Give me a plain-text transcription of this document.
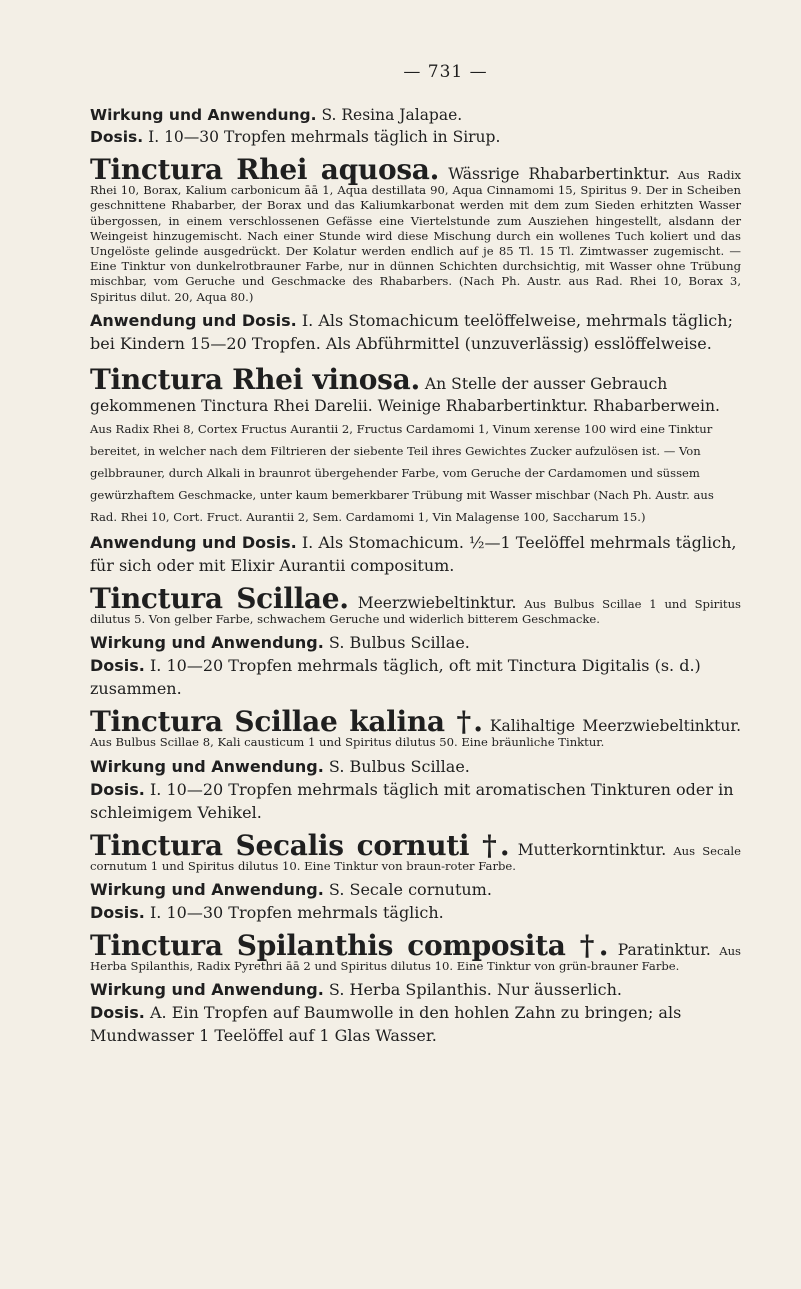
— 731 —
Wirkung und Anwendung. S. Resina Jalapae.
Dosis. I. 10—30 Tropfen mehrmals täglich in Sirup.
Tinctura Rhei aquosa. Wässrige Rhabarbertinktur. Aus Radix Rhei 10, Borax, Kalium carbonicum āā 1, Aqua destillata 90, Aqua Cinnamomi 15, Spiritus 9. Der in Scheiben geschnittene Rhabarber, der Borax und das Kaliumkarbonat werden mit dem zum Sieden erhitzten Wasser übergossen, in einem verschlossenen Gefässe eine Viertelstunde zum Ausziehen hingestellt, alsdann der Weingeist hinzugemischt. Nach einer Stunde wird diese Mischung durch ein wollenes Tuch koliert und das Ungelöste gelinde ausgedrückt. Der Kolatur werden endlich auf je 85 Tl. 15 Tl. Zimtwasser zugemischt. — Eine Tinktur von dunkelrotbrauner Farbe, nur in dünnen Schichten durchsichtig, mit Wasser ohne Trübung mischbar, vom Geruche und Geschmacke des Rhabarbers. (Nach Ph. Austr. aus Rad. Rhei 10, Borax 3, Spiritus dilut. 20, Aqua 80.)
Anwendung und Dosis. I. Als Stomachicum teelöffelweise, mehrmals täglich; bei Kindern 15—20 Tropfen. Als Abführmittel (unzuverlässig) esslöffelweise.
Tinctura Rhei vinosa. An Stelle der ausser Gebrauch gekommenen Tinctura Rhei Darelii. Weinige Rhabarbertinktur. Rhabarberwein. Aus Radix Rhei 8, Cortex Fructus Aurantii 2, Fructus Cardamomi 1, Vinum xerense 100 wird eine Tinktur bereitet, in welcher nach dem Filtrieren der siebente Teil ihres Gewichtes Zucker aufzulösen ist. — Von gelbbrauner, durch Alkali in braunrot übergehender Farbe, vom Geruche der Cardamomen und süssem gewürzhaftem Geschmacke, unter kaum bemerkbarer Trübung mit Wasser mischbar (Nach Ph. Austr. aus Rad. Rhei 10, Cort. Fruct. Aurantii 2, Sem. Cardamomi 1, Vin Malagense 100, Saccharum 15.)
Anwendung und Dosis. I. Als Stomachicum. ½—1 Teelöffel mehrmals täglich, für sich oder mit Elixir Aurantii compositum.
Tinctura Scillae. Meerzwiebeltinktur. Aus Bulbus Scillae 1 und Spiritus dilutus 5. Von gelber Farbe, schwachem Geruche und widerlich bitterem Geschmacke.
Wirkung und Anwendung. S. Bulbus Scillae.
Dosis. I. 10—20 Tropfen mehrmals täglich, oft mit Tinctura Digitalis (s. d.) zusammen.
Tinctura Scillae kalina †. Kalihaltige Meerzwiebeltinktur. Aus Bulbus Scillae 8, Kali causticum 1 und Spiritus dilutus 50. Eine bräunliche Tinktur.
Wirkung und Anwendung. S. Bulbus Scillae.
Dosis. I. 10—20 Tropfen mehrmals täglich mit aromatischen Tinkturen oder in schleimigem Vehikel.
Tinctura Secalis cornuti †. Mutterkorntinktur. Aus Secale cornutum 1 und Spiritus dilutus 10. Eine Tinktur von braun-roter Farbe.
Wirkung und Anwendung. S. Secale cornutum.
Dosis. I. 10—30 Tropfen mehrmals täglich.
Tinctura Spilanthis composita †. Paratinktur. Aus Herba Spilanthis, Radix Pyrethri āā 2 und Spiritus dilutus 10. Eine Tinktur von grün-brauner Farbe.
Wirkung und Anwendung. S. Herba Spilanthis. Nur äusserlich.
Dosis. A. Ein Tropfen auf Baumwolle in den hohlen Zahn zu bringen; als Mundwasser 1 Teelöffel auf 1 Glas Wasser.
